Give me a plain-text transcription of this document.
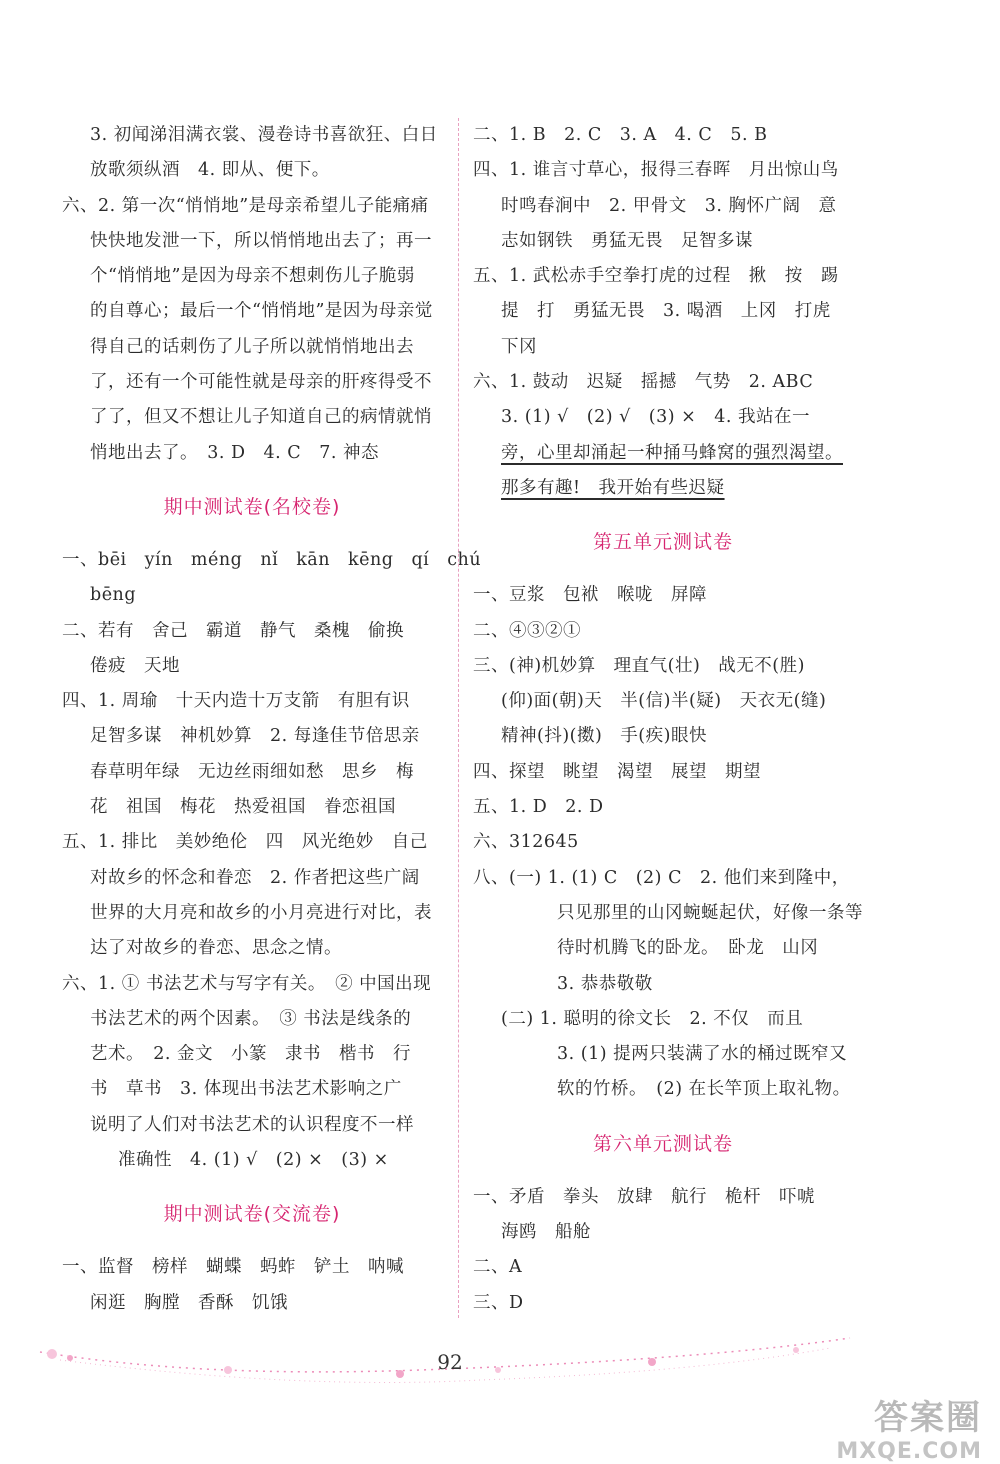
3. 初闻涕泪满衣裳、漫卷诗书喜欲狂、白日
放歌须纵酒　4. 即从、便下。
六、2. 第一次“悄悄地”是母亲希望儿子能痛痛
快快地发泄一下，所以悄悄地出去了；再一
个“悄悄地”是因为母亲不想刺伤儿子脆弱
的自尊心；最后一个“悄悄地”是因为母亲觉
得自己的话刺伤了儿子所以就悄悄地出去
了，还有一个可能性就是母亲的肝疼得受不
了了，但又不想让儿子知道自己的病情就悄
悄地出去了。　3. D　4. C　7. 神态
期中测试卷(名校卷)
一、bēi　yín　méng　nǐ　kān　kēng　qí　chú
bēng
二、若有　舍己　霸道　静气　桑槐　偷换
倦疲　天地
四、1. 周瑜　十天内造十万支箭　有胆有识
足智多谋　神机妙算　2. 每逢佳节倍思亲
春草明年绿　无边丝雨细如愁　思乡　梅
花　祖国　梅花　热爱祖国　眷恋祖国
五、1. 排比　美妙绝伦　四　风光绝妙　自己
对故乡的怀念和眷恋　2. 作者把这些广阔
世界的大月亮和故乡的小月亮进行对比，表
达了对故乡的眷恋、思念之情。
六、1. ① 书法艺术与写字有关。　② 中国出现
书法艺术的两个因素。　③ 书法是线条的
艺术。　2. 金文　小篆　隶书　楷书　行
书　草书　3. 体现出书法艺术影响之广
说明了人们对书法艺术的认识程度不一样
准确性　4. (1) √　(2) ×　(3) ×
期中测试卷(交流卷)
一、监督　榜样　蝴蝶　蚂蚱　铲土　呐喊
闲逛　胸膛　香酥　饥饿
二、1. B　2. C　3. A　4. C　5. B
四、1. 谁言寸草心，报得三春晖　月出惊山鸟
时鸣春涧中　2. 甲骨文　3. 胸怀广阔　意
志如钢铁　勇猛无畏　足智多谋
五、1. 武松赤手空拳打虎的过程　揪　按　踢
提　打　勇猛无畏　3. 喝酒　上冈　打虎
下冈
六、1. 鼓动　迟疑　摇撼　气势　2. ABC
3. (1) √　(2) √　(3) ×　4. 我站在一
旁，心里却涌起一种捅马蜂窝的强烈渴望。
那多有趣!　我开始有些迟疑
第五单元测试卷
一、豆浆　包袱　喉咙　屏障
二、④③②①
三、(神)机妙算　理直气(壮)　战无不(胜)
(仰)面(朝)天　半(信)半(疑)　天衣无(缝)
精神(抖)(擞)　手(疾)眼快
四、探望　眺望　渴望　展望　期望
五、1. D　2. D
六、312645
八、(一) 1. (1) C　(2) C　2. 他们来到隆中，
只见那里的山冈蜿蜒起伏，好像一条等
待时机腾飞的卧龙。　卧龙　山冈
3. 恭恭敬敬
(二) 1. 聪明的徐文长　2. 不仅　而且
3. (1) 提两只装满了水的桶过既窄又
软的竹桥。　(2) 在长竿顶上取礼物。
第六单元测试卷
一、矛盾　拳头　放肆　航行　桅杆　吓唬
海鸥　船舱
二、A
三、D
92
答案圈
MXQE.COM
